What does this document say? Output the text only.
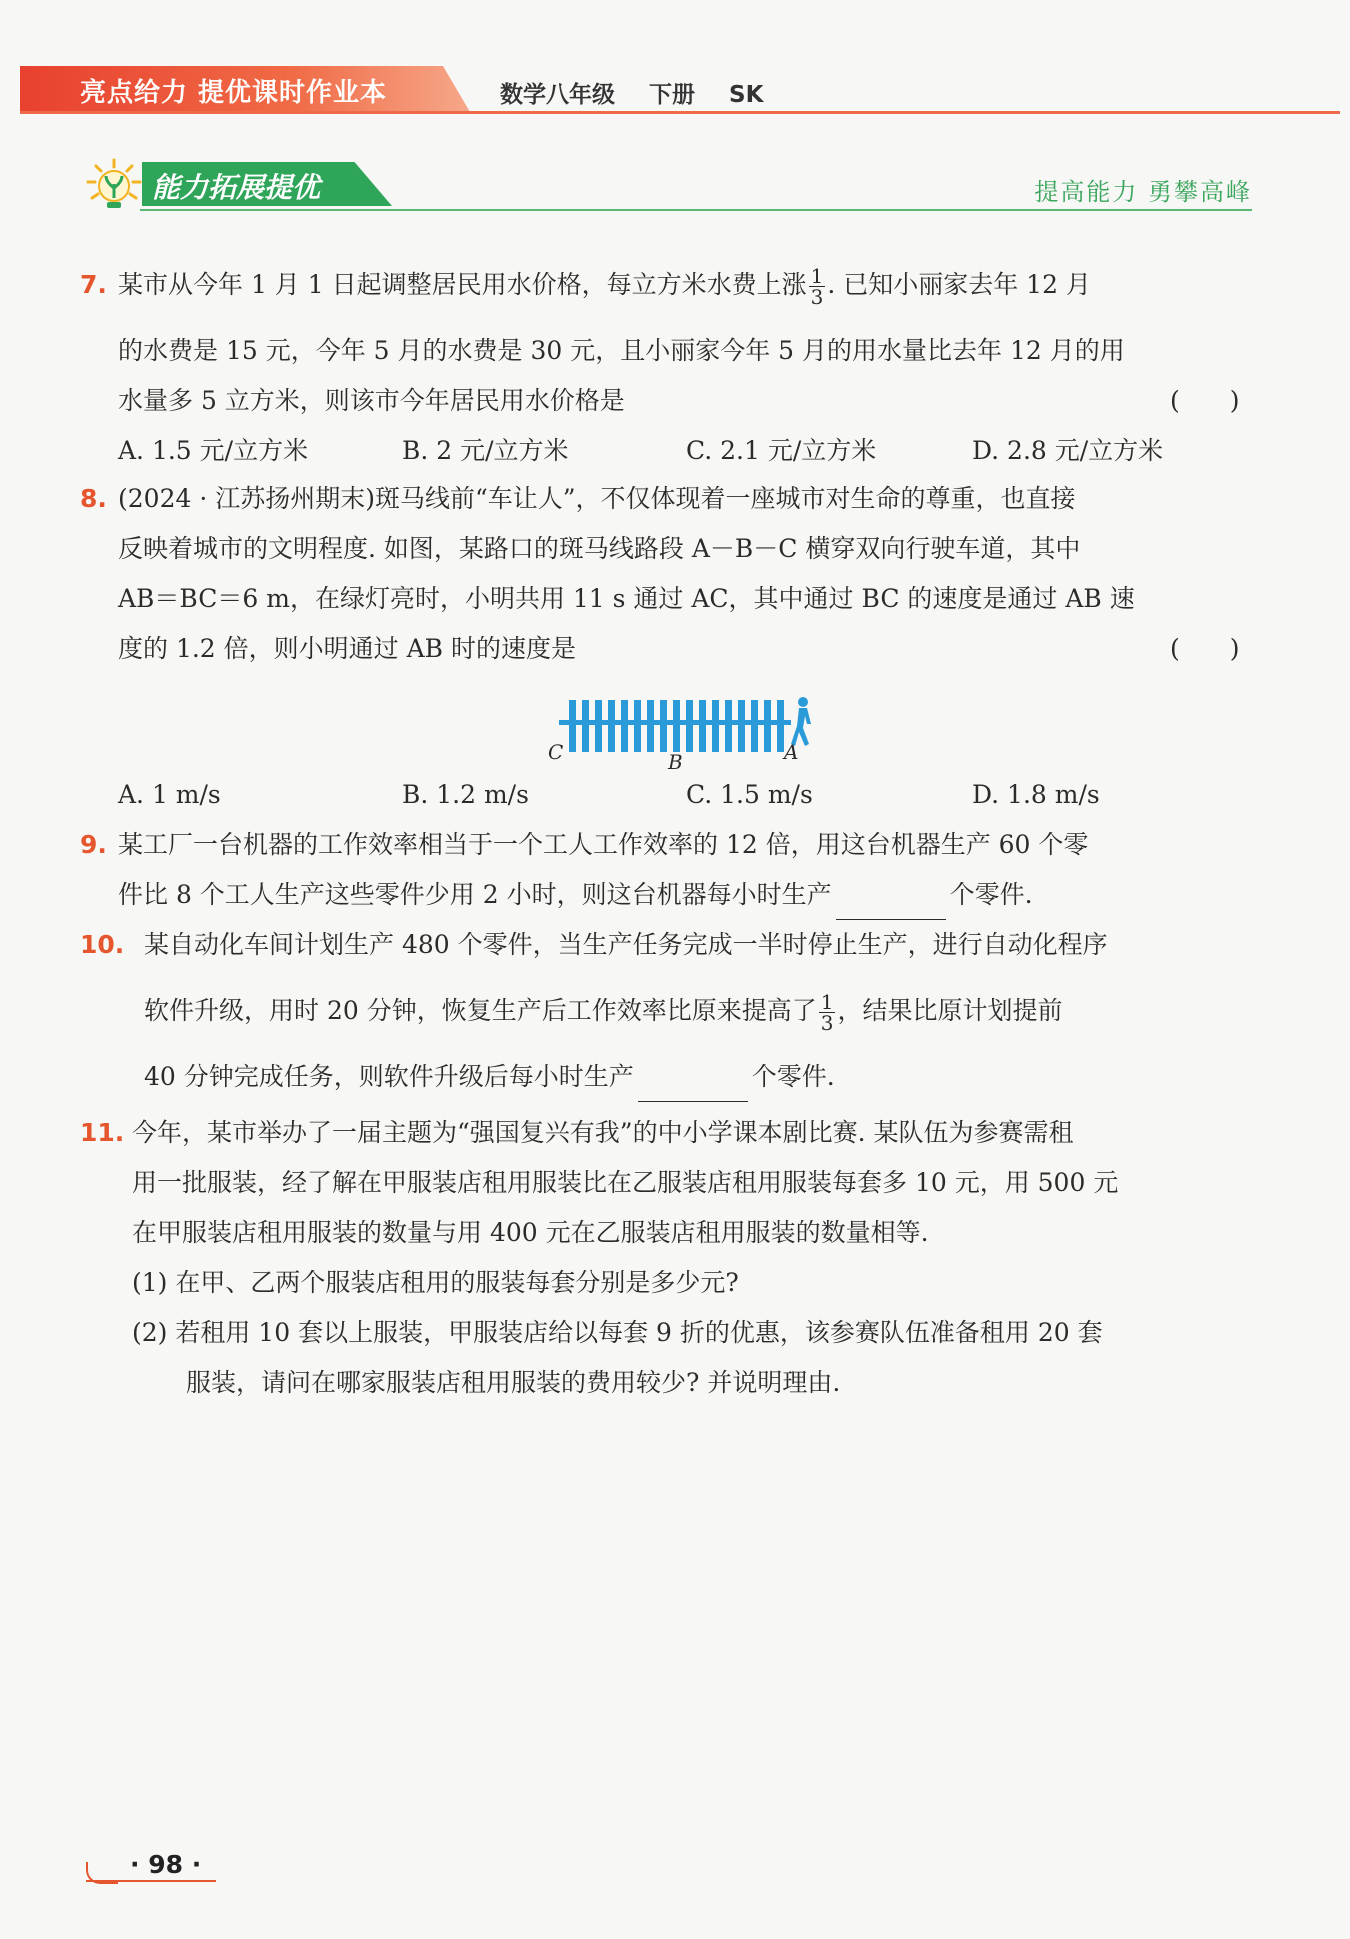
亮点给力 提优课时作业本	数学八年级 下册 SK
能力拓展提优	提高能力 勇攀高峰
7. 某市从今年 1 月 1 日起调整居民用水价格，每立方米水费上涨 $\frac{1}{3}$ . 已知小丽家去年 12 月
的水费是 15 元，今年 5 月的水费是 30 元，且小丽家今年 5 月的用水量比去年 12 月的用
水量多 5 立方米，则该市今年居民用水价格是	(　　)
A. 1.5 元/立方米	B. 2 元/立方米	C. 2.1 元/立方米	D. 2.8 元/立方米
8. (2024 · 江苏扬州期末)斑马线前“车让人”，不仅体现着一座城市对生命的尊重，也直接
反映着城市的文明程度. 如图，某路口的斑马线路段 A－B－C 横穿双向行驶车道，其中
AB＝BC＝6 m，在绿灯亮时，小明共用 11 s 通过 AC，其中通过 BC 的速度是通过 AB 速
度的 1.2 倍，则小明通过 AB 时的速度是	(　　)
C	B	A
A. 1 m/s	B. 1.2 m/s	C. 1.5 m/s	D. 1.8 m/s
9. 某工厂一台机器的工作效率相当于一个工人工作效率的 12 倍，用这台机器生产 60 个零
件比 8 个工人生产这些零件少用 2 小时，则这台机器每小时生产	个零件.
10. 某自动化车间计划生产 480 个零件，当生产任务完成一半时停止生产，进行自动化程序
软件升级，用时 20 分钟，恢复生产后工作效率比原来提高了 $\frac{1}{3}$ ，结果比原计划提前
40 分钟完成任务，则软件升级后每小时生产	个零件.
11. 今年，某市举办了一届主题为“强国复兴有我”的中小学课本剧比赛. 某队伍为参赛需租
用一批服装，经了解在甲服装店租用服装比在乙服装店租用服装每套多 10 元，用 500 元
在甲服装店租用服装的数量与用 400 元在乙服装店租用服装的数量相等.
(1) 在甲、乙两个服装店租用的服装每套分别是多少元?
(2) 若租用 10 套以上服装，甲服装店给以每套 9 折的优惠，该参赛队伍准备租用 20 套
服装，请问在哪家服装店租用服装的费用较少? 并说明理由.
· 98 ·
